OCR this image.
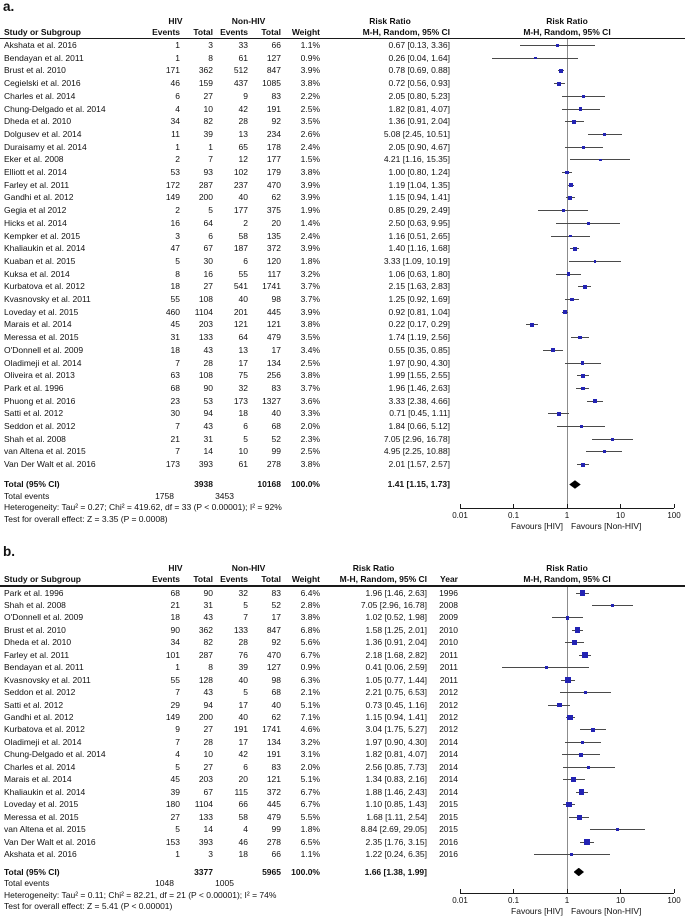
a.
HIV	Non-HIV	Risk Ratio	Risk Ratio
Study or Subgroup	Events	Total Events	Total	Weight	M-H, Random, 95% CI	M-H, Random, 95% CI
Akshata et al. 2016	1	3	33	66	1.1%	0.67 [0.13, 3.36]
Bendayan et al. 2011	1	8	61	127	0.9%	0.26 [0.04, 1.64]
Brust et al. 2010	171	362	512	847	3.9%	0.78 [0.69, 0.88]
Cegielski et al. 2016	46	159	437	1085	3.8%	0.72 [0.56, 0.93]
Charles et al. 2014	6	27	9	83	2.2%	2.05 [0.80, 5.23]
Chung-Delgado et al. 2014	4	10	42	191	2.5%	1.82 [0.81, 4.07]
Dheda et al. 2010	34	82	28	92	3.5%	1.36 [0.91, 2.04]
Dolgusev et al. 2014	11	39	13	234	2.6%	5.08 [2.45, 10.51]
Duraisamy et al. 2014	1	1	65	178	2.4%	2.05 [0.90, 4.67]
Eker et al. 2008	2	7	12	177	1.5%	4.21 [1.16, 15.35]
Elliott et al. 2014	53	93	102	179	3.8%	1.00 [0.80, 1.24]
Farley et al. 2011	172	287	237	470	3.9%	1.19 [1.04, 1.35]
Gandhi et al. 2012	149	200	40	62	3.9%	1.15 [0.94, 1.41]
Gegia et al 2012	2	5	177	375	1.9%	0.85 [0.29, 2.49]
Hicks et al. 2014	16	64	2	20	1.4%	2.50 [0.63, 9.95]
Kempker et al. 2015	3	6	58	135	2.4%	1.16 [0.51, 2.65]
Khaliaukin et al. 2014	47	67	187	372	3.9%	1.40 [1.16, 1.68]
Kuaban et al. 2015	5	30	6	120	1.8%	3.33 [1.09, 10.19]
Kuksa et al. 2014	8	16	55	117	3.2%	1.06 [0.63, 1.80]
Kurbatova et al. 2012	18	27	541	1741	3.7%	2.15 [1.63, 2.83]
Kvasnovsky et al. 2011	55	108	40	98	3.7%	1.25 [0.92, 1.69]
Loveday et al. 2015	460	1104	201	445	3.9%	0.92 [0.81, 1.04]
Marais et al. 2014	45	203	121	121	3.8%	0.22 [0.17, 0.29]
Meressa et al. 2015	31	133	64	479	3.5%	1.74 [1.19, 2.56]
O'Donnell et al. 2009	18	43	13	17	3.4%	0.55 [0.35, 0.85]
Oladimeji et al. 2014	7	28	17	134	2.5%	1.97 [0.90, 4.30]
Oliveira et al. 2013	63	108	75	256	3.8%	1.99 [1.55, 2.55]
Park et al. 1996	68	90	32	83	3.7%	1.96 [1.46, 2.63]
Phuong et al. 2016	23	53	173	1327	3.6%	3.33 [2.38, 4.66]
Satti et al. 2012	30	94	18	40	3.3%	0.71 [0.45, 1.11]
Seddon et al. 2012	7	43	6	68	2.0%	1.84 [0.66, 5.12]
Shah et al. 2008	21	31	5	52	2.3%	7.05 [2.96, 16.78]
van Altena et al. 2015	7	14	10	99	2.5%	4.95 [2.25, 10.88]
Van Der Walt et al. 2016	173	393	61	278	3.8%	2.01 [1.57, 2.57]
Total (95% CI)	3938	10168	100.0%	1.41 [1.15, 1.73]
Total events	1758	3453
Heterogeneity: Tau² = 0.27; Chi² = 419.62, df = 33 (P < 0.00001); I² = 92%
Test for overall effect: Z = 3.35 (P = 0.0008)	0.01	0.1	1	10	100
Favours [HIV] Favours [Non-HIV]
b.
HIV	Non-HIV	Risk Ratio	Risk Ratio
Study or Subgroup	Events	Total Events	Total	Weight	M-H, Random, 95% CI	Year	M-H, Random, 95% CI
Park et al. 1996	68	90	32	83	6.4%	1.96 [1.46, 2.63]	1996
Shah et al. 2008	21	31	5	52	2.8%	7.05 [2.96, 16.78]	2008
O'Donnell et al. 2009	18	43	7	17	3.8%	1.02 [0.52, 1.98]	2009
Brust et al. 2010	90	362	133	847	6.8%	1.58 [1.25, 2.01]	2010
Dheda et al. 2010	34	82	28	92	5.6%	1.36 [0.91, 2.04]	2010
Farley et al. 2011	101	287	76	470	6.7%	2.18 [1.68, 2.82]	2011
Bendayan et al. 2011	1	8	39	127	0.9%	0.41 [0.06, 2.59]	2011
Kvasnovsky et al. 2011	55	128	40	98	6.3%	1.05 [0.77, 1.44]	2011
Seddon et al. 2012	7	43	5	68	2.1%	2.21 [0.75, 6.53]	2012
Satti et al. 2012	29	94	17	40	5.1%	0.73 [0.45, 1.16]	2012
Gandhi et al. 2012	149	200	40	62	7.1%	1.15 [0.94, 1.41]	2012
Kurbatova et al. 2012	9	27	191	1741	4.6%	3.04 [1.75, 5.27]	2012
Oladimeji et al. 2014	7	28	17	134	3.2%	1.97 [0.90, 4.30]	2014
Chung-Delgado et al. 2014	4	10	42	191	3.1%	1.82 [0.81, 4.07]	2014
Charles et al. 2014	5	27	6	83	2.0%	2.56 [0.85, 7.73]	2014
Marais et al. 2014	45	203	20	121	5.1%	1.34 [0.83, 2.16]	2014
Khaliaukin et al. 2014	39	67	115	372	6.7%	1.88 [1.46, 2.43]	2014
Loveday et al. 2015	180	1104	66	445	6.7%	1.10 [0.85, 1.43]	2015
Meressa et al. 2015	27	133	58	479	5.5%	1.68 [1.11, 2.54]	2015
van Altena et al. 2015	5	14	4	99	1.8%	8.84 [2.69, 29.05]	2015
Van Der Walt et al. 2016	153	393	46	278	6.5%	2.35 [1.76, 3.15]	2016
Akshata et al. 2016	1	3	18	66	1.1%	1.22 [0.24, 6.35]	2016
Total (95% CI)	3377	5965	100.0%	1.66 [1.38, 1.99]
Total events	1048	1005
Heterogeneity: Tau² = 0.11; Chi² = 82.21, df = 21 (P < 0.00001); I² = 74%
Test for overall effect: Z = 5.41 (P < 0.00001)
0.01	0.1	1	10	100
Favours [HIV] Favours [Non-HIV]
